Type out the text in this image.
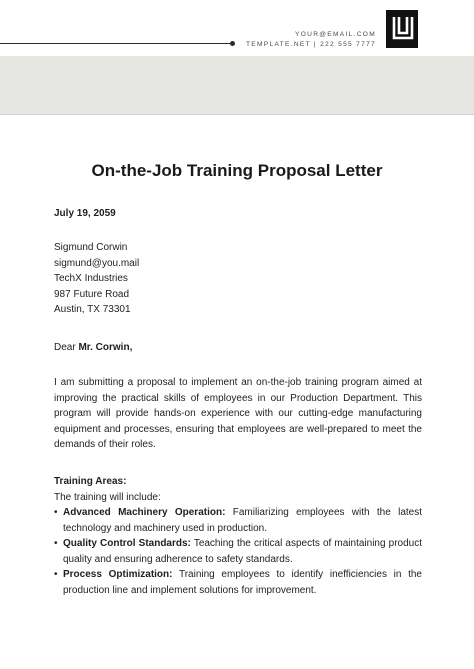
YOUR@EMAIL.COM
TEMPLATE.NET | 222 555 7777
On-the-Job Training Proposal Letter
July 19, 2059
Sigmund Corwin
sigmund@you.mail
TechX Industries
987 Future Road
Austin, TX 73301
Dear Mr. Corwin,
I am submitting a proposal to implement an on-the-job training program aimed at improving the practical skills of employees in our Production Department. This program will provide hands-on experience with our cutting-edge manufacturing equipment and processes, ensuring that employees are well-prepared to meet the demands of their roles.
Training Areas:
The training will include:
• Advanced Machinery Operation: Familiarizing employees with the latest technology and machinery used in production.
• Quality Control Standards: Teaching the critical aspects of maintaining product quality and ensuring adherence to safety standards.
• Process Optimization: Training employees to identify inefficiencies in the production line and implement solutions for improvement.
